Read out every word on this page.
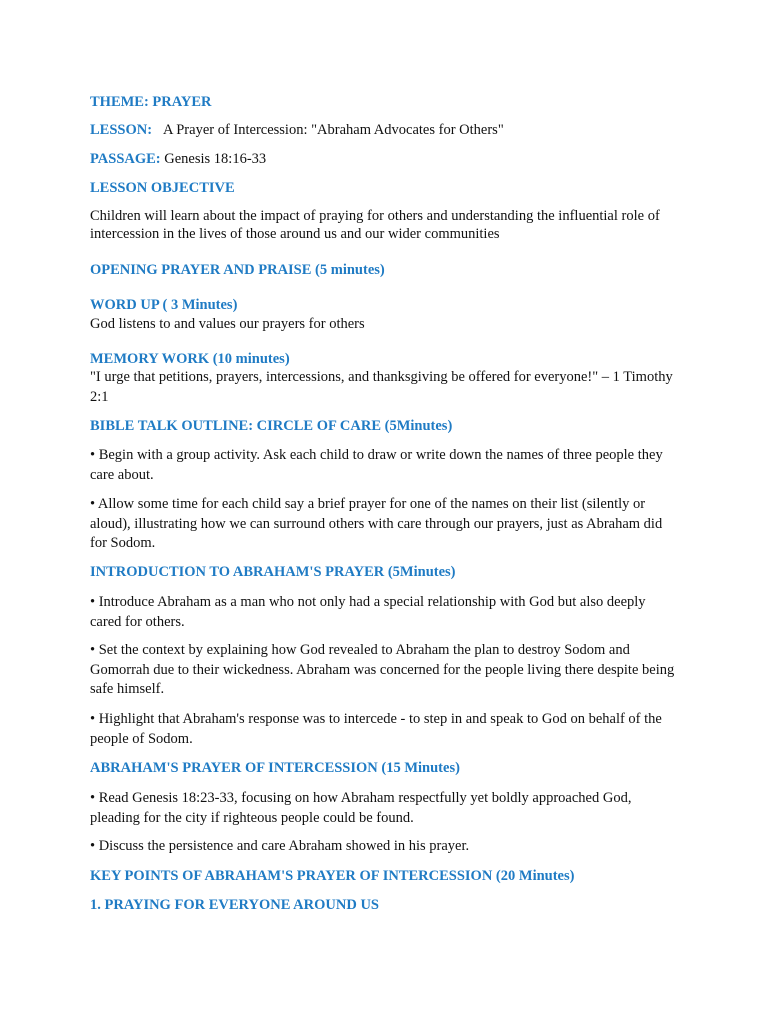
THEME: PRAYER

LESSON: A Prayer of Intercession: "Abraham Advocates for Others"

PASSAGE: Genesis 18:16-33

LESSON OBJECTIVE

Children will learn about the impact of praying for others and understanding the influential role of intercession in the lives of those around us and our wider communities

OPENING PRAYER AND PRAISE (5 minutes)

WORD UP ( 3 Minutes)

God listens to and values our prayers for others

MEMORY WORK (10 minutes)

"I urge that petitions, prayers, intercessions, and thanksgiving be offered for everyone!" – 1 Timothy 2:1

BIBLE TALK OUTLINE: CIRCLE OF CARE (5Minutes)

• Begin with a group activity. Ask each child to draw or write down the names of three people they care about.

• Allow some time for each child say a brief prayer for one of the names on their list (silently or aloud), illustrating how we can surround others with care through our prayers, just as Abraham did for Sodom.

INTRODUCTION TO ABRAHAM'S PRAYER (5Minutes)

• Introduce Abraham as a man who not only had a special relationship with God but also deeply cared for others.

• Set the context by explaining how God revealed to Abraham the plan to destroy Sodom and Gomorrah due to their wickedness. Abraham was concerned for the people living there despite being safe himself.

• Highlight that Abraham's response was to intercede - to step in and speak to God on behalf of the people of Sodom.

ABRAHAM'S PRAYER OF INTERCESSION (15 Minutes)

• Read Genesis 18:23-33, focusing on how Abraham respectfully yet boldly approached God, pleading for the city if righteous people could be found.

• Discuss the persistence and care Abraham showed in his prayer.

KEY POINTS OF ABRAHAM'S PRAYER OF INTERCESSION (20 Minutes)

1. PRAYING FOR EVERYONE AROUND US
